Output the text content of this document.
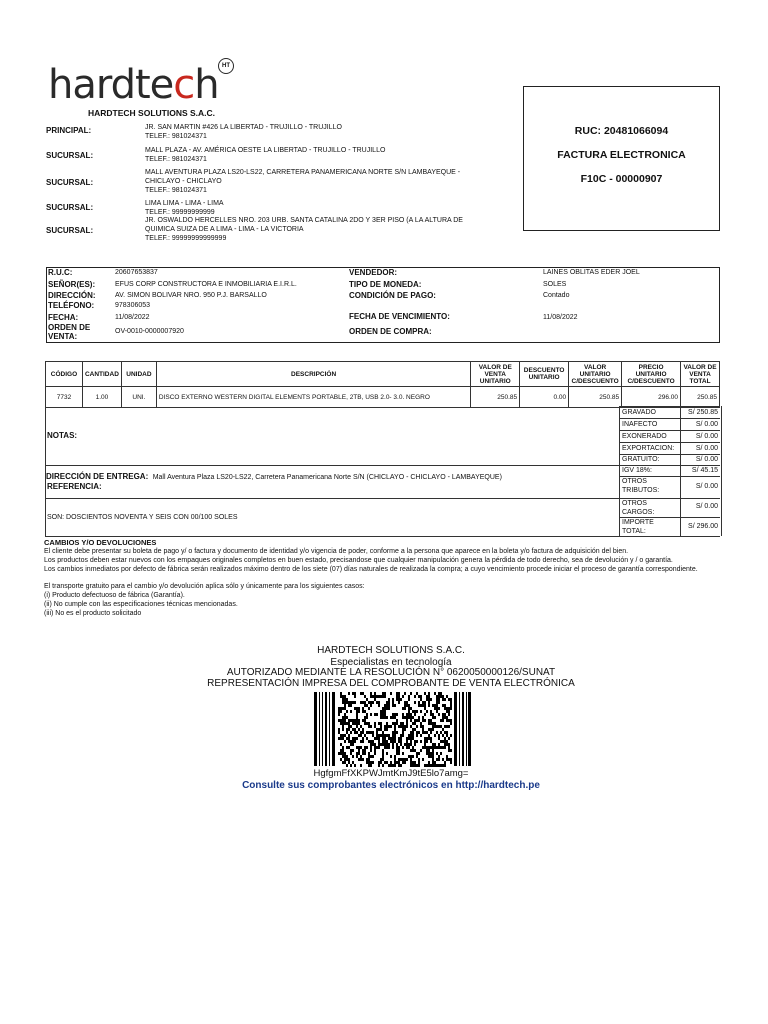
hardtech HT
HARDTECH SOLUTIONS S.A.C.
PRINCIPAL:	JR. SAN MARTIN #426 LA LIBERTAD - TRUJILLO - TRUJILLO
TELEF.: 981024371
SUCURSAL:
MALL PLAZA - AV. AMÉRICA OESTE LA LIBERTAD - TRUJILLO - TRUJILLO
TELEF.: 981024371
SUCURSAL:
MALL AVENTURA PLAZA LS20-LS22, CARRETERA PANAMERICANA NORTE S/N LAMBAYEQUE -
CHICLAYO - CHICLAYO
TELEF.: 981024371
SUCURSAL:	LIMA LIMA - LIMA - LIMA
TELEF.: 99999999999
SUCURSAL:
JR. OSWALDO HERCELLES NRO. 203 URB. SANTA CATALINA 2DO Y 3ER PISO (A LA ALTURA DE
QUIMICA SUIZA DE A LIMA - LIMA - LA VICTORIA
TELEF.: 99999999999999
RUC: 20481066094
FACTURA ELECTRONICA
F10C - 00000907
R.U.C:	20607653837
SEÑOR(ES):	EFUS CORP CONSTRUCTORA E INMOBILIARIA E.I.R.L.
DIRECCIÓN:	AV. SIMON BOLIVAR NRO. 950 P.J. BARSALLO
TELÉFONO:	978306053
FECHA:	11/08/2022
ORDEN DE
VENTA:
OV-0010-0000007920
VENDEDOR:	LAINES OBLITAS EDER JOEL
TIPO DE MONEDA:	SOLES
CONDICIÓN DE PAGO:	Contado
FECHA DE VENCIMIENTO:	11/08/2022
ORDEN DE COMPRA:
CÓDIGO	CANTIDAD	UNIDAD	DESCRIPCIÓN	VALOR DE VENTA UNITARIO	DESCUENTO UNITARIO	VALOR UNITARIO C/DESCUENTO	PRECIO UNITARIO C/DESCUENTO	VALOR DE VENTA TOTAL
7732	1.00	UNI.	DISCO EXTERNO WESTERN DIGITAL ELEMENTS PORTABLE, 2TB, USB 2.0- 3.0. NEGRO	250.85	0.00	250.85	296.00	250.85
GRAVADO	S/ 250.85
INAFECTO	S/ 0.00
EXONERADO	S/ 0.00
EXPORTACION:	S/ 0.00
GRATUITO:	S/ 0.00
IGV 18%:	S/ 45.15
OTROS TRIBUTOS:
S/ 0.00
OTROS CARGOS:
S/ 0.00
IMPORTE TOTAL:
S/ 296.00
NOTAS:
DIRECCIÓN DE ENTREGA: Mall Aventura Plaza LS20-LS22, Carretera Panamericana Norte S/N (CHICLAYO - CHICLAYO - LAMBAYEQUE)
REFERENCIA:
SON: DOSCIENTOS NOVENTA Y SEIS CON 00/100 SOLES
CAMBIOS Y/O DEVOLUCIONES
El cliente debe presentar su boleta de pago y/ o factura y documento de identidad y/o vigencia de poder, conforme a la persona que aparece en la boleta y/o factura de adquisición del bien.
Los productos deben estar nuevos con los empaques originales completos en buen estado, precisandose que cualquier manipulación genera la pérdida de todo derecho, sea de devolución y / o garantía.
Los cambios inmediatos por defecto de fábrica serán realizados máximo dentro de los siete (07) días naturales de realizada la compra; a cuyo vencimiento procede iniciar el proceso de garantía correspondiente.
El transporte gratuito para el cambio y/o devolución aplica sólo y únicamente para los siguientes casos:
(i) Producto defectuoso de fábrica (Garantía).
(ii) No cumple con las especificaciones técnicas mencionadas.
(iii) No es el producto solicitado
HARDTECH SOLUTIONS S.A.C.
Especialistas en tecnología
AUTORIZADO MEDIANTE LA RESOLUCIÓN N° 0620050000126/SUNAT
REPRESENTACIÓN IMPRESA DEL COMPROBANTE DE VENTA ELECTRÓNICA
HgfgmFfXKPWJmtKmJ9tE5lo7amg=
Consulte sus comprobantes electrónicos en http://hardtech.pe
